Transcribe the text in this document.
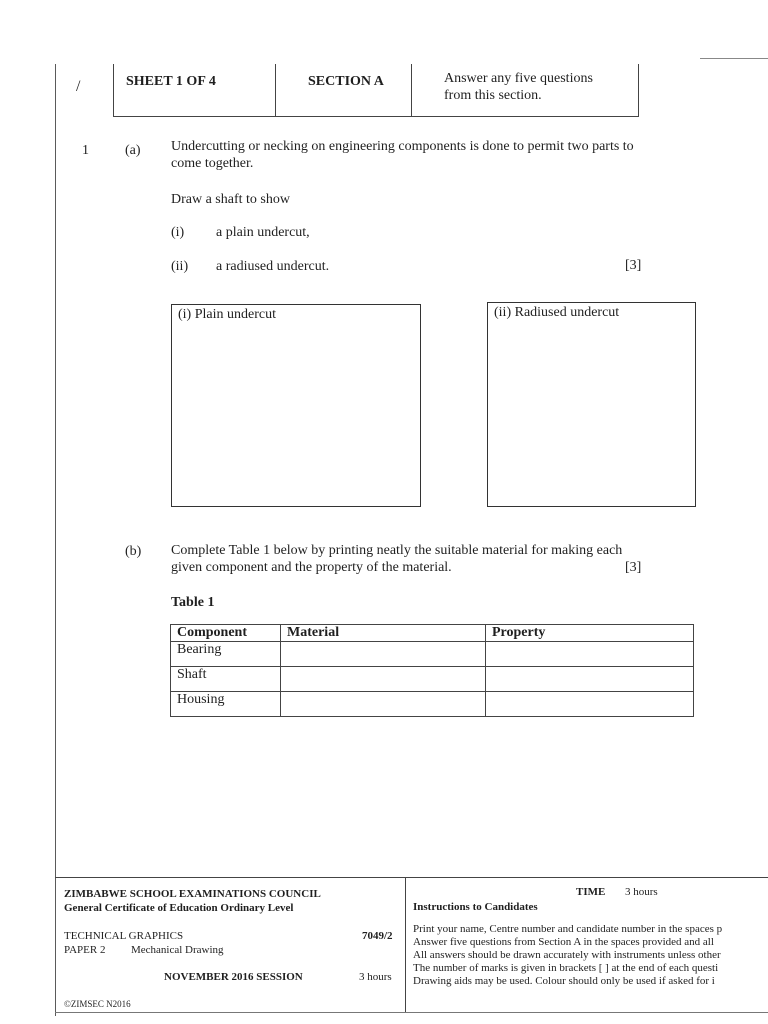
/	SHEET 1 OF 4	SECTION A	Answer any five questions
from this section.
1	(a) Undercutting or necking on engineering components is done to permit two parts to
come together.
Draw a shaft to show
(i) a plain undercut,
(ii) a radiused undercut.	[3]
(i) Plain undercut	(ii) Radiused undercut
(b) Complete Table 1 below by printing neatly the suitable material for making each
given component and the property of the material.	[3]
Table 1
Component	Material	Property
Bearing		
Shaft		
Housing		
ZIMBABWE SCHOOL EXAMINATIONS COUNCIL
General Certificate of Education Ordinary Level
TECHNICAL GRAPHICS	7049/2
PAPER 2 Mechanical Drawing
NOVEMBER 2016 SESSION	3 hours
©ZIMSEC N2016
TIME 3 hours
Instructions to Candidates
Print your name, Centre number and candidate number in the spaces p
Answer five questions from Section A in the spaces provided and all
All answers should be drawn accurately with instruments unless other
The number of marks is given in brackets [ ] at the end of each questi
Drawing aids may be used. Colour should only be used if asked for i
